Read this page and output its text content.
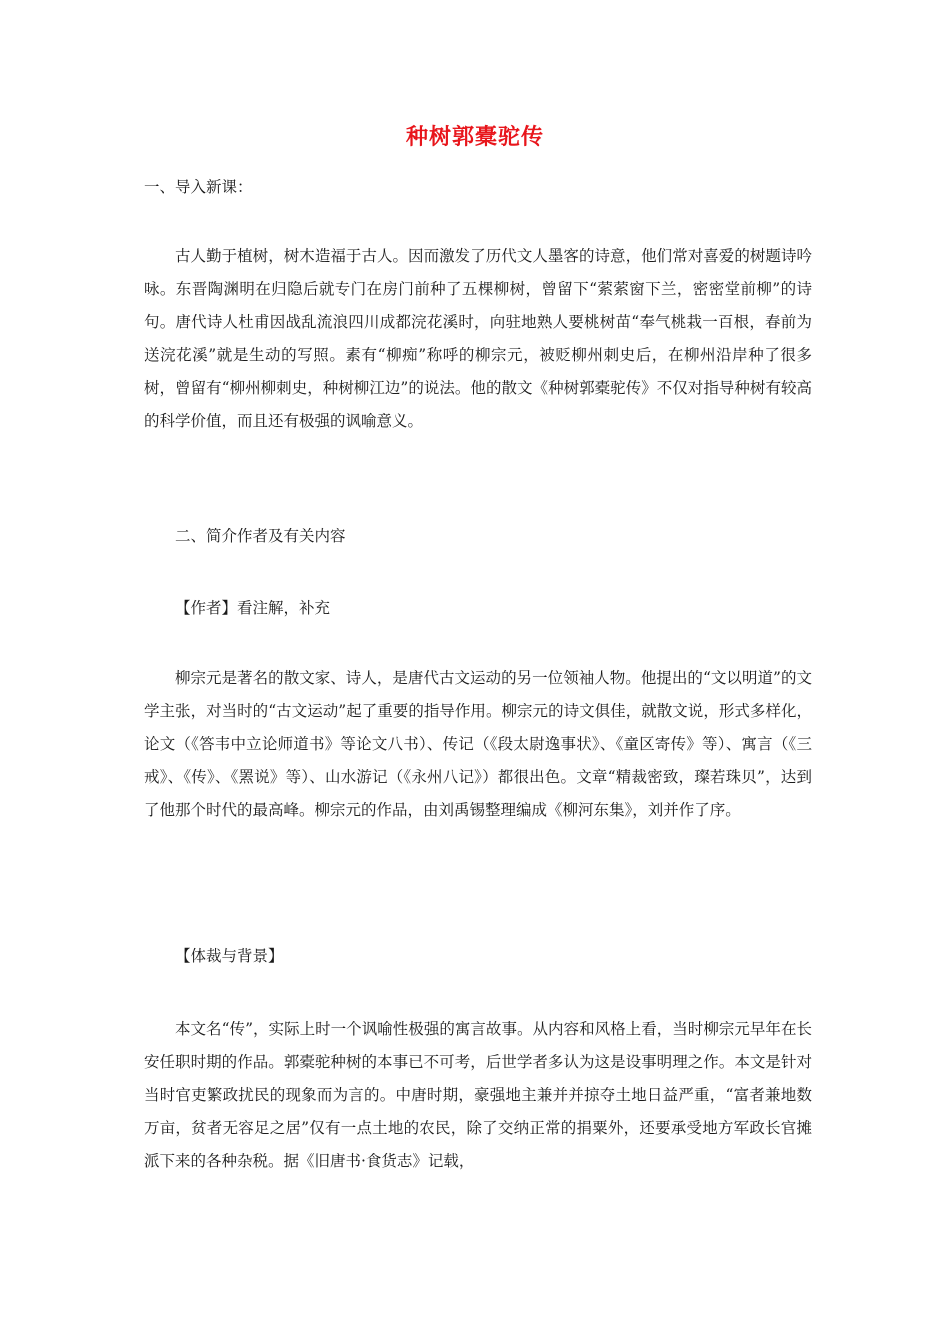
种树郭橐驼传
一、导入新课：
古人勤于植树，树木造福于古人。因而激发了历代文人墨客的诗意，他们常对喜爱的树题诗吟咏。东晋陶渊明在归隐后就专门在房门前种了五棵柳树，曾留下“萦萦窗下兰，密密堂前柳”的诗句。唐代诗人杜甫因战乱流浪四川成都浣花溪时，向驻地熟人要桃树苗“奉气桃栽一百根，春前为送浣花溪”就是生动的写照。素有“柳痴”称呼的柳宗元，被贬柳州刺史后，在柳州沿岸种了很多树，曾留有“柳州柳刺史，种树柳江边”的说法。他的散文《种树郭橐驼传》不仅对指导种树有较高的科学价值，而且还有极强的讽喻意义。
二、简介作者及有关内容
【作者】看注解，补充
柳宗元是著名的散文家、诗人，是唐代古文运动的另一位领袖人物。他提出的“文以明道”的文学主张，对当时的“古文运动”起了重要的指导作用。柳宗元的诗文俱佳，就散文说，形式多样化，论文（《答韦中立论师道书》等论文八书）、传记（《段太尉逸事状》、《童区寄传》等）、寓言（《三戒》、《传》、《罴说》等）、山水游记（《永州八记》）都很出色。文章“精裁密致，璨若珠贝”，达到了他那个时代的最高峰。柳宗元的作品，由刘禹锡整理编成《柳河东集》，刘并作了序。
【体裁与背景】
本文名“传”，实际上时一个讽喻性极强的寓言故事。从内容和风格上看，当时柳宗元早年在长安任职时期的作品。郭橐驼种树的本事已不可考，后世学者多认为这是设事明理之作。本文是针对当时官吏繁政扰民的现象而为言的。中唐时期，豪强地主兼并并掠夺土地日益严重，“富者兼地数万亩，贫者无容足之居”仅有一点土地的农民，除了交纳正常的捐粟外，还要承受地方军政长官摊派下来的各种杂税。据《旧唐书·食货志》记载，
